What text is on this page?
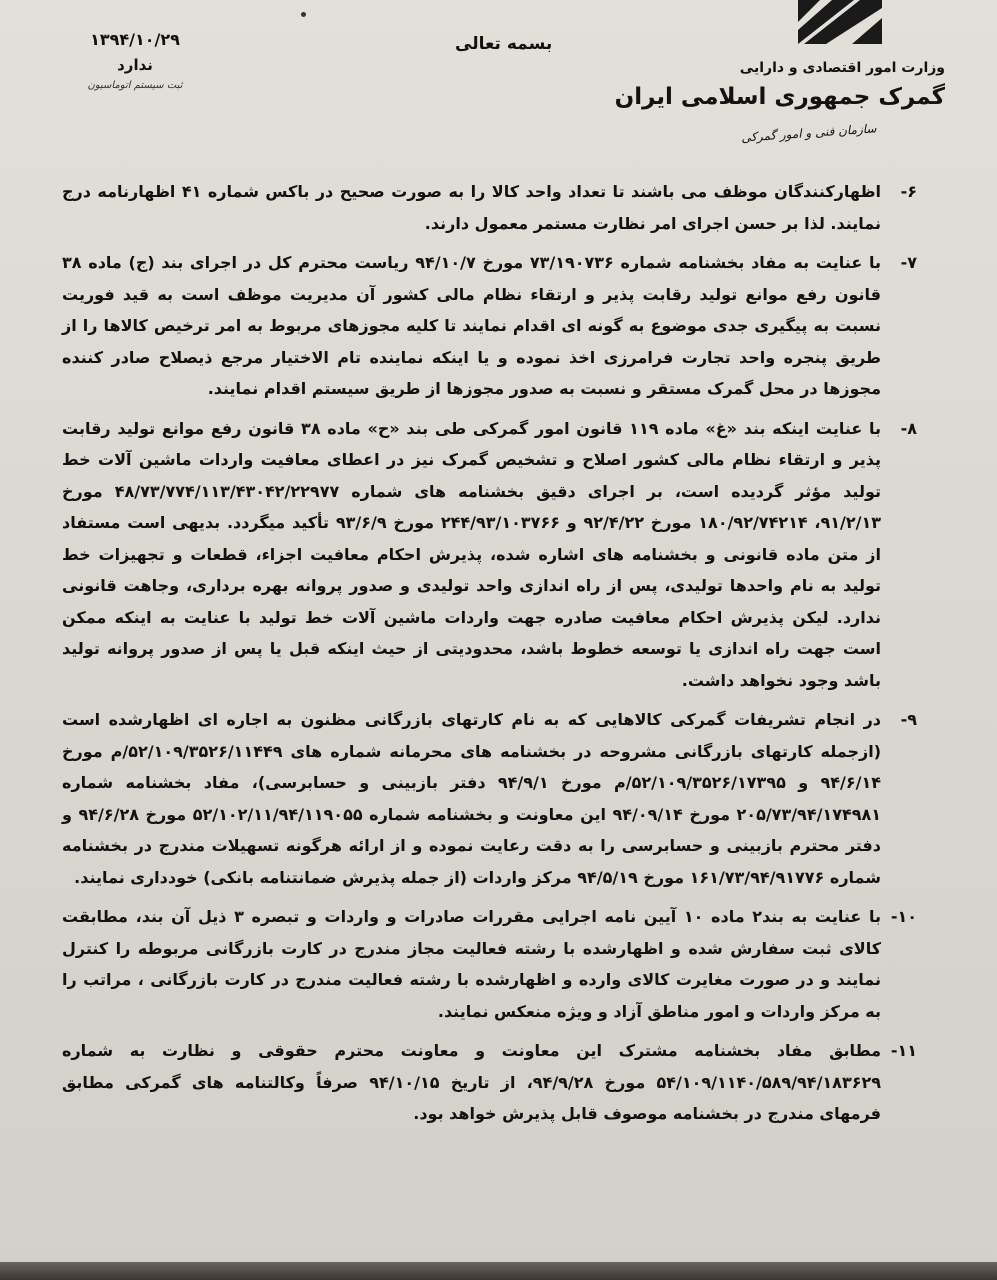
وزارت امور اقتصادی و دارایی
گمرک جمهوری اسلامی ایران
سازمان فنی و امور گمرکی
بسمه تعالی
۱۳۹۴/۱۰/۲۹
ندارد
ثبت سیستم اتوماسیون
۶-
اظهارکنندگان موظف می باشند تا تعداد واحد کالا را به صورت صحیح در باکس شماره ۴۱ اظهارنامه درج نمایند. لذا بر حسن اجرای امر نظارت مستمر معمول دارند.
۷-
با عنایت به مفاد بخشنامه شماره ۷۳/۱۹۰۷۳۶ مورخ ۹۴/۱۰/۷ ریاست محترم کل در اجرای بند (ج) ماده ۳۸ قانون رفع موانع تولید رقابت پذیر و ارتقاء نظام مالی کشور آن مدیریت موظف است به قید فوریت نسبت به پیگیری جدی موضوع به گونه ای اقدام نمایند تا کلیه مجوزهای مربوط به امر ترخیص کالاها را از طریق پنجره واحد تجارت فرامرزی اخذ نموده و یا اینکه نماینده تام الاختیار مرجع ذیصلاح صادر کننده مجوزها در محل گمرک مستقر و نسبت به صدور مجوزها از طریق سیستم اقدام نمایند.
۸-
با عنایت اینکه بند «غ» ماده ۱۱۹ قانون امور گمرکی طی بند «ح» ماده ۳۸ قانون رفع موانع تولید رقابت پذیر و ارتقاء نظام مالی کشور اصلاح و تشخیص گمرک نیز در اعطای معافیت واردات ماشین آلات خط تولید مؤثر گردیده است، بر اجرای دقیق بخشنامه های شماره ۴۸/۷۳/۷۷۴/۱۱۳/۴۳۰۴۲/۲۲۹۷۷ مورخ ۹۱/۲/۱۳، ۱۸۰/۹۲/۷۴۲۱۴ مورخ ۹۲/۴/۲۲ و ۲۴۴/۹۳/۱۰۳۷۶۶ مورخ ۹۳/۶/۹ تأکید میگردد. بدیهی است مستفاد از متن ماده قانونی و بخشنامه های اشاره شده، پذیرش احکام معافیت اجزاء، قطعات و تجهیزات خط تولید به نام واحدها تولیدی، پس از راه اندازی واحد تولیدی و صدور پروانه بهره برداری، وجاهت قانونی ندارد. لیکن پذیرش احکام معافیت صادره جهت واردات ماشین آلات خط تولید با عنایت به اینکه ممکن است جهت راه اندازی یا توسعه خطوط باشد، محدودیتی از حیث اینکه قبل یا پس از صدور پروانه تولید باشد وجود نخواهد داشت.
۹-
در انجام تشریفات گمرکی کالاهایی که به نام کارتهای بازرگانی مظنون به اجاره ای اظهارشده است (ازجمله کارتهای بازرگانی مشروحه در بخشنامه های محرمانه شماره های ۵۲/۱۰۹/۳۵۲۶/۱۱۴۴۹/م مورخ ۹۴/۶/۱۴ و ۵۲/۱۰۹/۳۵۲۶/۱۷۳۹۵/م مورخ ۹۴/۹/۱ دفتر بازبینی و حسابرسی)، مفاد بخشنامه شماره ۲۰۵/۷۳/۹۴/۱۷۴۹۸۱ مورخ ۹۴/۰۹/۱۴ این معاونت و بخشنامه شماره ۵۲/۱۰۲/۱۱/۹۴/۱۱۹۰۵۵ مورخ ۹۴/۶/۲۸ و دفتر محترم بازبینی و حسابرسی را به دقت رعایت نموده و از ارائه هرگونه تسهیلات مندرج در بخشنامه شماره ۱۶۱/۷۳/۹۴/۹۱۷۷۶ مورخ ۹۴/۵/۱۹ مرکز واردات (از جمله پذیرش ضمانتنامه بانکی) خودداری نمایند.
۱۰-
با عنایت به بند۲ ماده ۱۰ آیین نامه اجرایی مقررات صادرات و واردات و تبصره ۳ ذیل آن بند، مطابقت کالای ثبت سفارش شده و اظهارشده با رشته فعالیت مجاز مندرج در کارت بازرگانی مربوطه را کنترل نمایند و در صورت مغایرت کالای وارده و اظهارشده با رشته فعالیت مندرج در کارت بازرگانی ، مراتب را به مرکز واردات و امور مناطق آزاد و ویژه منعکس نمایند.
۱۱-
مطابق مفاد بخشنامه مشترک این معاونت و معاونت محترم حقوقی و نظارت به شماره ۵۴/۱۰۹/۱۱۴۰/۵۸۹/۹۴/۱۸۳۶۲۹ مورخ ۹۴/۹/۲۸، از تاریخ ۹۴/۱۰/۱۵ صرفاً وکالتنامه های گمرکی مطابق فرمهای مندرج در بخشنامه موصوف قابل پذیرش خواهد بود.
